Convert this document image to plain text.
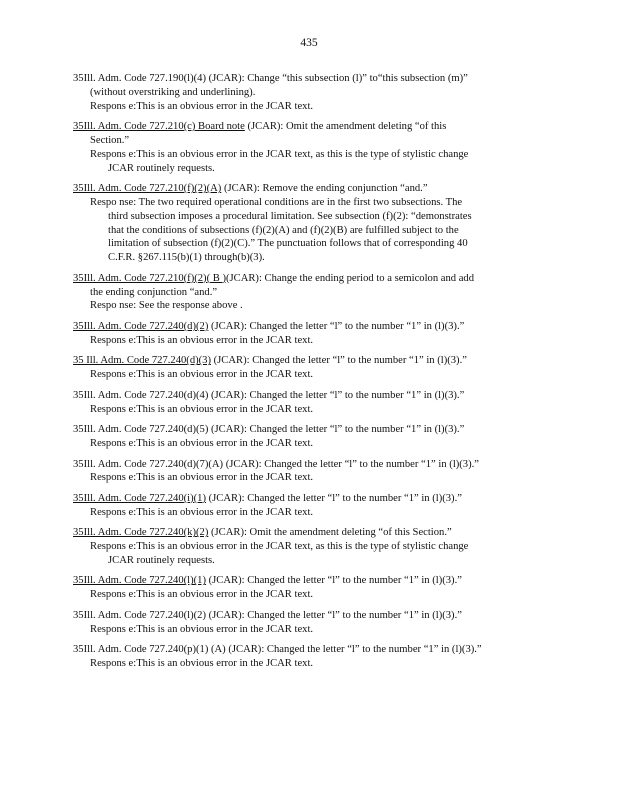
435

35Ill. Adm. Code 727.190(l)(4) (JCAR): Change “this subsection (l)” to“this subsection (m)”

(without overstriking and underlining).

Respons e:This is an obvious error in the JCAR text.

35Ill. Adm. Code 727.210(c) Board note (JCAR): Omit the amendment deleting “of this

Section.”

Respons e:This is an obvious error in the JCAR text, as this is the type of stylistic change

JCAR routinely requests.

35Ill. Adm. Code 727.210(f)(2)(A) (JCAR): Remove the ending conjunction “and.”

Respo nse: The two required operational conditions are in the first two subsections. The

third subsection imposes a procedural limitation. See subsection (f)(2): “demonstrates

that the conditions of subsections (f)(2)(A) and (f)(2)(B) are fulfilled subject to the

limitation of subsection (f)(2)(C).” The punctuation follows that of corresponding 40

C.F.R. §267.115(b)(1) through(b)(3).

35Ill. Adm. Code 727.210(f)(2)( B )(JCAR): Change the ending period to a semicolon and add

the ending conjunction “and.”

Respo nse: See the response above .

35Ill. Adm. Code 727.240(d)(2) (JCAR): Changed the letter “l” to the number “1” in (l)(3).”

Respons e:This is an obvious error in the JCAR text.

35 Ill. Adm. Code 727.240(d)(3) (JCAR): Changed the letter “l” to the number “1” in (l)(3).”

Respons e:This is an obvious error in the JCAR text.

35Ill. Adm. Code 727.240(d)(4) (JCAR): Changed the letter “l” to the number “1” in (l)(3).”

Respons e:This is an obvious error in the JCAR text.

35Ill. Adm. Code 727.240(d)(5) (JCAR): Changed the letter “l” to the number “1” in (l)(3).”

Respons e:This is an obvious error in the JCAR text.

35Ill. Adm. Code 727.240(d)(7)(A) (JCAR): Changed the letter “l” to the number “1” in (l)(3).”

Respons e:This is an obvious error in the JCAR text.

35Ill. Adm. Code 727.240(i)(1) (JCAR): Changed the letter “l” to the number “1” in (l)(3).”

Respons e:This is an obvious error in the JCAR text.

35Ill. Adm. Code 727.240(k)(2) (JCAR): Omit the amendment deleting “of this Section.”

Respons e:This is an obvious error in the JCAR text, as this is the type of stylistic change

JCAR routinely requests.

35Ill. Adm. Code 727.240(l)(1) (JCAR): Changed the letter “l” to the number “1” in (l)(3).”

Respons e:This is an obvious error in the JCAR text.

35Ill. Adm. Code 727.240(l)(2) (JCAR): Changed the letter “l” to the number “1” in (l)(3).”

Respons e:This is an obvious error in the JCAR text.

35Ill. Adm. Code 727.240(p)(1) (A) (JCAR): Changed the letter “l” to the number “1” in (l)(3).”

Respons e:This is an obvious error in the JCAR text.
